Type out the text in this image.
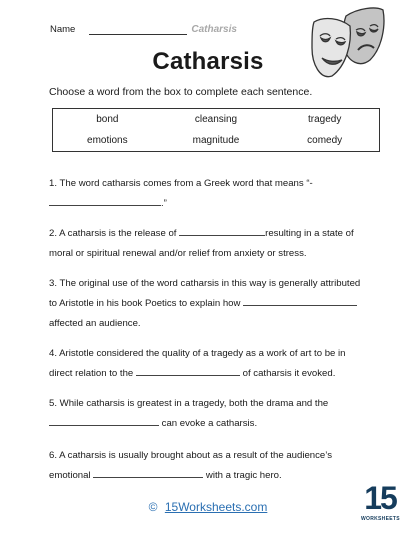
Name	Catharsis
Catharsis
Choose a word from the box to complete each sentence.
bond	cleansing	tragedy
emotions	magnitude	comedy
1. The word catharsis comes from a Greek word that means “-
.”
2. A catharsis is the release of	resulting in a state of
moral or spiritual renewal and/or relief from anxiety or stress.
3. The original use of the word catharsis in this way is generally attributed
to Aristotle in his book Poetics to explain how
affected an audience.
4. Aristotle considered the quality of a tragedy as a work of art to be in
direct relation to the	of catharsis it evoked.
5. While catharsis is greatest in a tragedy, both the drama and the
can evoke a catharsis.
6. A catharsis is usually brought about as a result of the audience’s
emotional	with a tragic hero.
© 15Worksheets.com	15
WORKSHEETS
